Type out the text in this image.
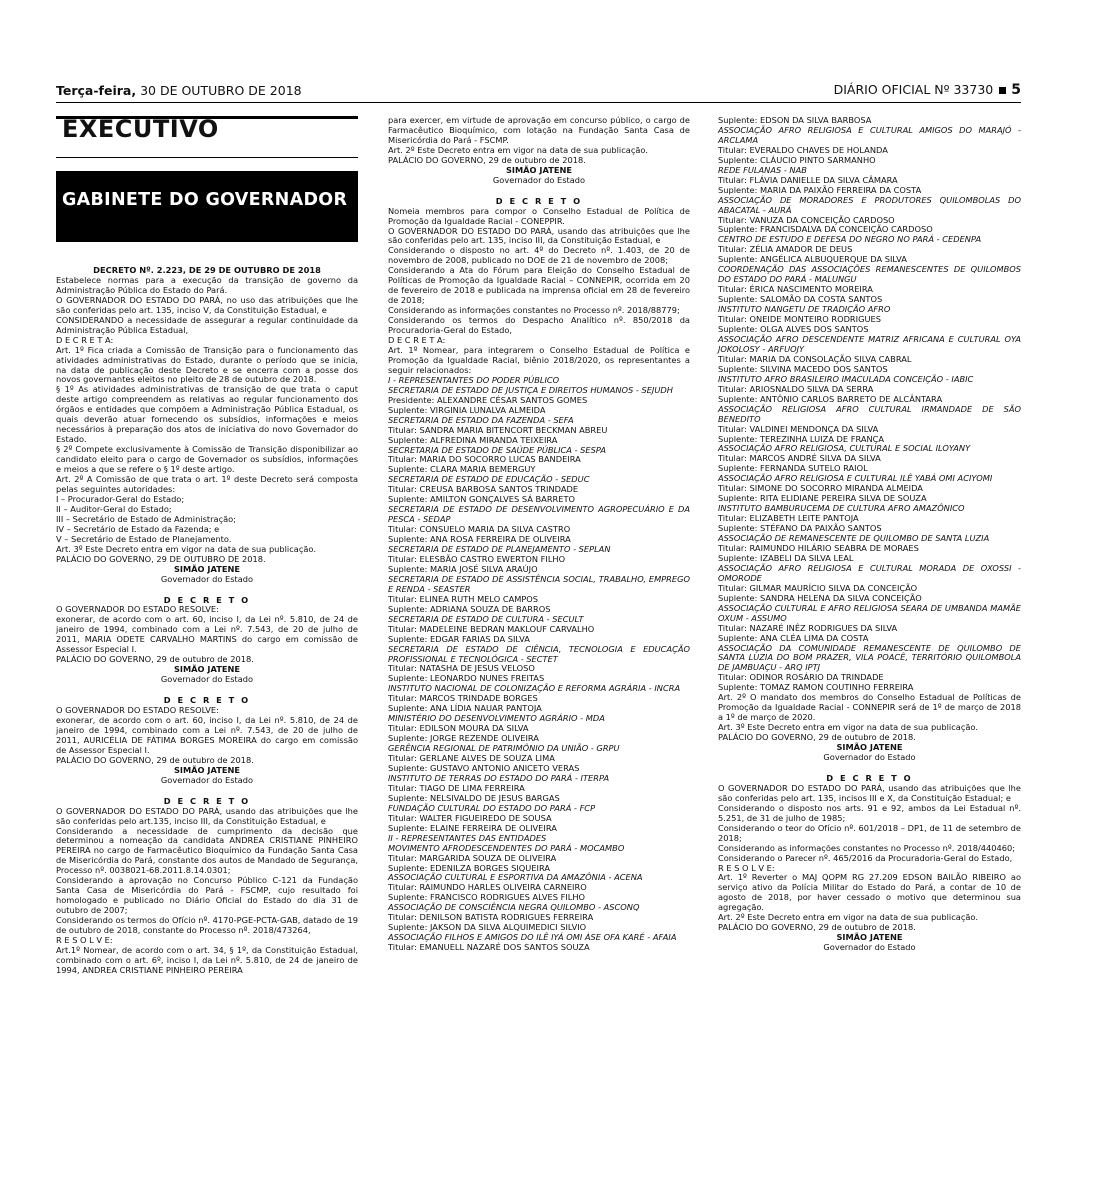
Terça-feira, 30 DE OUTUBRO DE 2018	DIÁRIO OFICIAL Nº 33730 5
EXECUTIVO
GABINETE DO GOVERNADOR

DECRETO Nº. 2.223, DE 29 DE OUTUBRO DE 2018

Estabelece normas para a execução da transição de governo da Administração Pública do Estado do Pará.

O GOVERNADOR DO ESTADO DO PARÁ, no uso das atribuições que lhe são conferidas pelo art. 135, inciso V, da Constituição Estadual, e

CONSIDERANDO a necessidade de assegurar a regular continuidade da Administração Pública Estadual,

D E C R E T A:

Art. 1º Fica criada a Comissão de Transição para o funcionamento das atividades administrativas do Estado, durante o período que se inicia, na data de publicação deste Decreto e se encerra com a posse dos novos governantes eleitos no pleito de 28 de outubro de 2018.

§ 1º As atividades administrativas de transição de que trata o caput deste artigo compreendem as relativas ao regular funcionamento dos órgãos e entidades que compõem a Administração Pública Estadual, os quais deverão atuar fornecendo os subsídios, informações e meios necessários à preparação dos atos de iniciativa do novo Governador do Estado.

§ 2º Compete exclusivamente à Comissão de Transição disponibilizar ao candidato eleito para o cargo de Governador os subsídios, informações e meios a que se refere o § 1º deste artigo.

Art. 2º A Comissão de que trata o art. 1º deste Decreto será composta pelas seguintes autoridades:

I – Procurador-Geral do Estado;

II – Auditor-Geral do Estado;

III – Secretário de Estado de Administração;

IV – Secretário de Estado da Fazenda; e

V – Secretário de Estado de Planejamento.

Art. 3º Este Decreto entra em vigor na data de sua publicação.

PALÁCIO DO GOVERNO, 29 DE OUTUBRO DE 2018.

SIMÃO JATENE

Governador do Estado

D E C R E T O

O GOVERNADOR DO ESTADO RESOLVE:

exonerar, de acordo com o art. 60, inciso I, da Lei nº. 5.810, de 24 de janeiro de 1994, combinado com a Lei nº. 7.543, de 20 de julho de 2011, MARIA ODETE CARVALHO MARTINS do cargo em comissão de Assessor Especial I.

PALÁCIO DO GOVERNO, 29 de outubro de 2018.

SIMÃO JATENE

Governador do Estado

D E C R E T O

O GOVERNADOR DO ESTADO RESOLVE:

exonerar, de acordo com o art. 60, inciso I, da Lei nº. 5.810, de 24 de janeiro de 1994, combinado com a Lei nº. 7.543, de 20 de julho de 2011, AURICÉLIA DE FÁTIMA BORGES MOREIRA do cargo em comissão de Assessor Especial I.

PALÁCIO DO GOVERNO, 29 de outubro de 2018.

SIMÃO JATENE

Governador do Estado

D E C R E T O

O GOVERNADOR DO ESTADO DO PARÁ, usando das atribuições que lhe são conferidas pelo art.135, inciso III, da Constituição Estadual, e

Considerando a necessidade de cumprimento da decisão que determinou a nomeação da candidata ANDREA CRISTIANE PINHEIRO PEREIRA no cargo de Farmacêutico Bioquímico da Fundação Santa Casa de Misericórdia do Pará, constante dos autos de Mandado de Segurança, Processo nº. 0038021-68.2011.8.14.0301;

Considerando a aprovação no Concurso Público C-121 da Fundação Santa Casa de Misericórdia do Pará - FSCMP, cujo resultado foi homologado e publicado no Diário Oficial do Estado do dia 31 de outubro de 2007;

Considerando os termos do Ofício nº. 4170-PGE-PCTA-GAB, datado de 19 de outubro de 2018, constante do Processo nº. 2018/473264,

R E S O L V E:

Art.1º Nomear, de acordo com o art. 34, § 1º, da Constituição Estadual, combinado com o art. 6º, inciso I, da Lei nº. 5.810, de 24 de janeiro de 1994, ANDREA CRISTIANE PINHEIRO PEREIRA

para exercer, em virtude de aprovação em concurso público, o cargo de Farmacêutico Bioquímico, com lotação na Fundação Santa Casa de Misericórdia do Pará - FSCMP.

Art. 2º Este Decreto entra em vigor na data de sua publicação.

PALÁCIO DO GOVERNO, 29 de outubro de 2018.

SIMÃO JATENE

Governador do Estado

D E C R E T O

Nomeia membros para compor o Conselho Estadual de Política de Promoção da Igualdade Racial - CONEPPIR.

O GOVERNADOR DO ESTADO DO PARÁ, usando das atribuições que lhe são conferidas pelo art. 135, inciso III, da Constituição Estadual, e

Considerando o disposto no art. 4º do Decreto nº. 1.403, de 20 de novembro de 2008, publicado no DOE de 21 de novembro de 2008;

Considerando a Ata do Fórum para Eleição do Conselho Estadual de Políticas de Promoção da Igualdade Racial – CONNEPIR, ocorrida em 20 de fevereiro de 2018 e publicada na imprensa oficial em 28 de fevereiro de 2018;

Considerando as informações constantes no Processo nº. 2018/88779;

Considerando os termos do Despacho Analítico nº. 850/2018 da Procuradoria-Geral do Estado,

D E C R E T A:

Art. 1º Nomear, para integrarem o Conselho Estadual de Política e Promoção da Igualdade Racial, biênio 2018/2020, os representantes a seguir relacionados:

I - REPRESENTANTES DO PODER PÚBLICO

SECRETARIA DE ESTADO DE JUSTIÇA E DIREITOS HUMANOS - SEJUDH

Presidente: ALEXANDRE CÉSAR SANTOS GOMES

Suplente: VIRGINIA LUNALVA ALMEIDA

SECRETARIA DE ESTADO DA FAZENDA - SEFA

Titular: SANDRA MARIA BITENCORT BECKMAN ABREU

Suplente: ALFREDINA MIRANDA TEIXEIRA

SECRETARIA DE ESTADO DE SAÚDE PÚBLICA - SESPA

Titular: MARIA DO SOCORRO LUCAS BANDEIRA

Suplente: CLARA MARIA BEMERGUY

SECRETARIA DE ESTADO DE EDUCAÇÃO - SEDUC

Titular: CREUSA BARBOSA SANTOS TRINDADE

Suplente: AMILTON GONÇALVES SÁ BARRETO

SECRETARIA DE ESTADO DE DESENVOLVIMENTO AGROPECUÁRIO E DA PESCA - SEDAP

Titular: CONSUELO MARIA DA SILVA CASTRO

Suplente: ANA ROSA FERREIRA DE OLIVEIRA

SECRETARIA DE ESTADO DE PLANEJAMENTO - SEPLAN

Titular: ELESBÃO CASTRO EWERTON FILHO

Suplente: MARIA JOSÉ SILVA ARAÚJO

SECRETARIA DE ESTADO DE ASSISTÊNCIA SOCIAL, TRABALHO, EMPREGO E RENDA - SEASTER

Titular: ELINEA RUTH MELO CAMPOS

Suplente: ADRIANA SOUZA DE BARROS

SECRETARIA DE ESTADO DE CULTURA - SECULT

Titular: MADELEINE BEDRAN MAKLOUF CARVALHO

Suplente: EDGAR FARIAS DA SILVA

SECRETARIA DE ESTADO DE CIÊNCIA, TECNOLOGIA E EDUCAÇÃO PROFISSIONAL E TECNOLÓGICA - SECTET

Titular: NATASHA DE JESUS VELOSO

Suplente: LEONARDO NUNES FREITAS

INSTITUTO NACIONAL DE COLONIZAÇÃO E REFORMA AGRÁRIA - INCRA

Titular: MARCOS TRINDADE BORGES

Suplente: ANA LÍDIA NAUAR PANTOJA

MINISTÉRIO DO DESENVOLVIMENTO AGRÁRIO - MDA

Titular: EDILSON MOURA DA SILVA

Suplente: JORGE REZENDE OLIVEIRA

GERÊNCIA REGIONAL DE PATRIMÔNIO DA UNIÃO - GRPU

Titular: GERLANE ALVES DE SOUZA LIMA

Suplente: GUSTAVO ANTONIO ANICETO VERAS

INSTITUTO DE TERRAS DO ESTADO DO PARÁ - ITERPA

Titular: TIAGO DE LIMA FERREIRA

Suplente: NELSIVALDO DE JESUS BARGAS

FUNDAÇÃO CULTURAL DO ESTADO DO PARÁ - FCP

Titular: WALTER FIGUEIREDO DE SOUSA

Suplente: ELAINE FERREIRA DE OLIVEIRA

II - REPRESENTANTES DAS ENTIDADES

MOVIMENTO AFRODESCENDENTES DO PARÁ - MOCAMBO

Titular: MARGARIDA SOUZA DE OLIVEIRA

Suplente: EDENILZA BORGES SIQUEIRA

ASSOCIAÇÃO CULTURAL E ESPORTIVA DA AMAZÔNIA - ACENA

Titular: RAIMUNDO HARLES OLIVEIRA CARNEIRO

Suplente: FRANCISCO RODRIGUES ALVES FILHO

ASSOCIAÇÃO DE CONSCIÊNCIA NEGRA QUILOMBO - ASCONQ

Titular: DENILSON BATISTA RODRIGUES FERREIRA

Suplente: JAKSON DA SILVA ALQUIMEDICI SILVIO

ASSOCIAÇÃO FILHOS E AMIGOS DO ILÊ IYÁ OMI ÀSE OFA KARÉ - AFAIA

Titular: EMANUELL NAZARÉ DOS SANTOS SOUZA

Suplente: EDSON DA SILVA BARBOSA

ASSOCIAÇÃO AFRO RELIGIOSA E CULTURAL AMIGOS DO MARAJÓ - ARCLAMA

Titular: EVERALDO CHAVES DE HOLANDA

Suplente: CLÁUCIO PINTO SARMANHO

REDE FULANAS - NAB

Titular: FLÁVIA DANIELLE DA SILVA CÂMARA

Suplente: MARIA DA PAIXÃO FERREIRA DA COSTA

ASSOCIAÇÃO DE MORADORES E PRODUTORES QUILOMBOLAS DO ABACATAL - AURÁ

Titular: VANUZA DA CONCEIÇÃO CARDOSO

Suplente: FRANCISDALVA DA CONCEIÇÃO CARDOSO

CENTRO DE ESTUDO E DEFESA DO NEGRO NO PARÁ - CEDENPA

Titular: ZÉLIA AMADOR DE DEUS

Suplente: ANGÉLICA ALBUQUERQUE DA SILVA

COORDENAÇÃO DAS ASSOCIAÇÕES REMANESCENTES DE QUILOMBOS DO ESTADO DO PARÁ - MALUNGU

Titular: ÉRICA NASCIMENTO MOREIRA

Suplente: SALOMÃO DA COSTA SANTOS

INSTITUTO NANGETU DE TRADIÇÃO AFRO

Titular: ONEIDE MONTEIRO RODRIGUES

Suplente: OLGA ALVES DOS SANTOS

ASSOCIAÇÃO AFRO DESCENDENTE MATRIZ AFRICANA E CULTURAL OYA JOKOLOSY - ARFUOJY

Titular: MARIA DA CONSOLAÇÃO SILVA CABRAL

Suplente: SILVINA MACEDO DOS SANTOS

INSTITUTO AFRO BRASILEIRO IMACULADA CONCEIÇÃO - IABIC

Titular: ARIOSNALDO SILVA DA SERRA

Suplente: ANTÔNIO CARLOS BARRETO DE ALCÂNTARA

ASSOCIAÇÃO RELIGIOSA AFRO CULTURAL IRMANDADE DE SÃO BENEDITO

Titular: VALDINEI MENDONÇA DA SILVA

Suplente: TEREZINHA LUIZA DE FRANÇA

ASSOCIAÇÃO AFRO RELIGIOSA, CULTURAL E SOCIAL ILOYANY

Titular: MARCOS ANDRÉ SILVA DA SILVA

Suplente: FERNANDA SUTELO RAIOL

ASSOCIAÇÃO AFRO RELIGIOSA E CULTURAL ILÊ YABÁ OMI ACIYOMI

Titular: SIMONE DO SOCORRO MIRANDA ALMEIDA

Suplente: RITA ELIDIANE PEREIRA SILVA DE SOUZA

INSTITUTO BAMBURUCEMA DE CULTURA AFRO AMAZÔNICO

Titular: ELIZABETH LEITE PANTOJA

Suplente: STÉFANO DA PAIXÃO SANTOS

ASSOCIAÇÃO DE REMANESCENTE DE QUILOMBO DE SANTA LUZIA

Titular: RAIMUNDO HILÁRIO SEABRA DE MORAES

Suplente: IZABELI DA SILVA LEAL

ASSOCIAÇÃO AFRO RELIGIOSA E CULTURAL MORADA DE OXOSSI - OMORODE

Titular: GILMAR MAURÍCIO SILVA DA CONCEIÇÃO

Suplente: SANDRA HELENA DA SILVA CONCEIÇÃO

ASSOCIAÇÃO CULTURAL E AFRO RELIGIOSA SEARA DE UMBANDA MAMÃE OXUM - ASSUMO

Titular: NAZARÉ INÊZ RODRIGUES DA SILVA

Suplente: ANA CLÉA LIMA DA COSTA

ASSOCIAÇÃO DA COMUNIDADE REMANESCENTE DE QUILOMBO DE SANTA LUZIA DO BOM PRAZER, VILA POACÊ, TERRITÓRIO QUILOMBOLA DE JAMBUAÇU - ARQ IPTJ

Titular: ODINOR ROSÁRIO DA TRINDADE

Suplente: TOMAZ RAMON COUTINHO FERREIRA

Art. 2º O mandato dos membros do Conselho Estadual de Políticas de Promoção da Igualdade Racial - CONNEPIR será de 1º de março de 2018 a 1º de março de 2020.

Art. 3º Este Decreto entra em vigor na data de sua publicação.

PALÁCIO DO GOVERNO, 29 de outubro de 2018.

SIMÃO JATENE

Governador do Estado

D E C R E T O

O GOVERNADOR DO ESTADO DO PARÁ, usando das atribuições que lhe são conferidas pelo art. 135, incisos III e X, da Constituição Estadual; e

Considerando o disposto nos arts. 91 e 92, ambos da Lei Estadual nº. 5.251, de 31 de julho de 1985;

Considerando o teor do Ofício nº. 601/2018 – DP1, de 11 de setembro de 2018;

Considerando as informações constantes no Processo nº. 2018/440460;

Considerando o Parecer nº. 465/2016 da Procuradoria-Geral do Estado,

R E S O L V E:

Art. 1º Reverter o MAJ QOPM RG 27.209 EDSON BAILÃO RIBEIRO ao serviço ativo da Polícia Militar do Estado do Pará, a contar de 10 de agosto de 2018, por haver cessado o motivo que determinou sua agregação.

Art. 2º Este Decreto entra em vigor na data de sua publicação.

PALÁCIO DO GOVERNO, 29 de outubro de 2018.

SIMÃO JATENE

Governador do Estado
